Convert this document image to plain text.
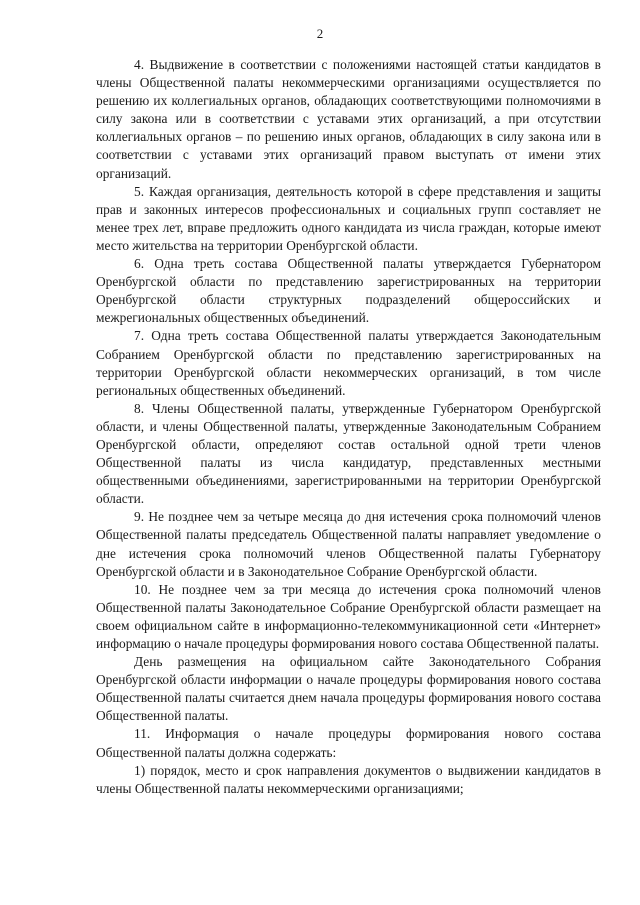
2

4. Выдвижение в соответствии с положениями настоящей статьи кандидатов в члены Общественной палаты некоммерческими организациями осуществляется по решению их коллегиальных органов, обладающих соответствующими полномочиями в силу закона или в соответствии с уставами этих организаций, а при отсутствии коллегиальных органов – по решению иных органов, обладающих в силу закона или в соответствии с уставами этих организаций правом выступать от имени этих организаций.

5. Каждая организация, деятельность которой в сфере представления и защиты прав и законных интересов профессиональных и социальных групп составляет не менее трех лет, вправе предложить одного кандидата из числа граждан, которые имеют место жительства на территории Оренбургской области.

6. Одна треть состава Общественной палаты утверждается Губернатором Оренбургской области по представлению зарегистрированных на территории Оренбургской области структурных подразделений общероссийских и межрегиональных общественных объединений.

7. Одна треть состава Общественной палаты утверждается Законодательным Собранием Оренбургской области по представлению зарегистрированных на территории Оренбургской области некоммерческих организаций, в том числе региональных общественных объединений.

8. Члены Общественной палаты, утвержденные Губернатором Оренбургской области, и члены Общественной палаты, утвержденные Законодательным Собранием Оренбургской области, определяют состав остальной одной трети членов Общественной палаты из числа кандидатур, представленных местными общественными объединениями, зарегистрированными на территории Оренбургской области.

9. Не позднее чем за четыре месяца до дня истечения срока полномочий членов Общественной палаты председатель Общественной палаты направляет уведомление о дне истечения срока полномочий членов Общественной палаты Губернатору Оренбургской области и в Законодательное Собрание Оренбургской области.

10. Не позднее чем за три месяца до истечения срока полномочий членов Общественной палаты Законодательное Собрание Оренбургской области размещает на своем официальном сайте в информационно-телекоммуникационной сети «Интернет» информацию о начале процедуры формирования нового состава Общественной палаты.

День размещения на официальном сайте Законодательного Собрания Оренбургской области информации о начале процедуры формирования нового состава Общественной палаты считается днем начала процедуры формирования нового состава Общественной палаты.

11. Информация о начале процедуры формирования нового состава Общественной палаты должна содержать:

1) порядок, место и срок направления документов о выдвижении кандидатов в члены Общественной палаты некоммерческими организациями;
